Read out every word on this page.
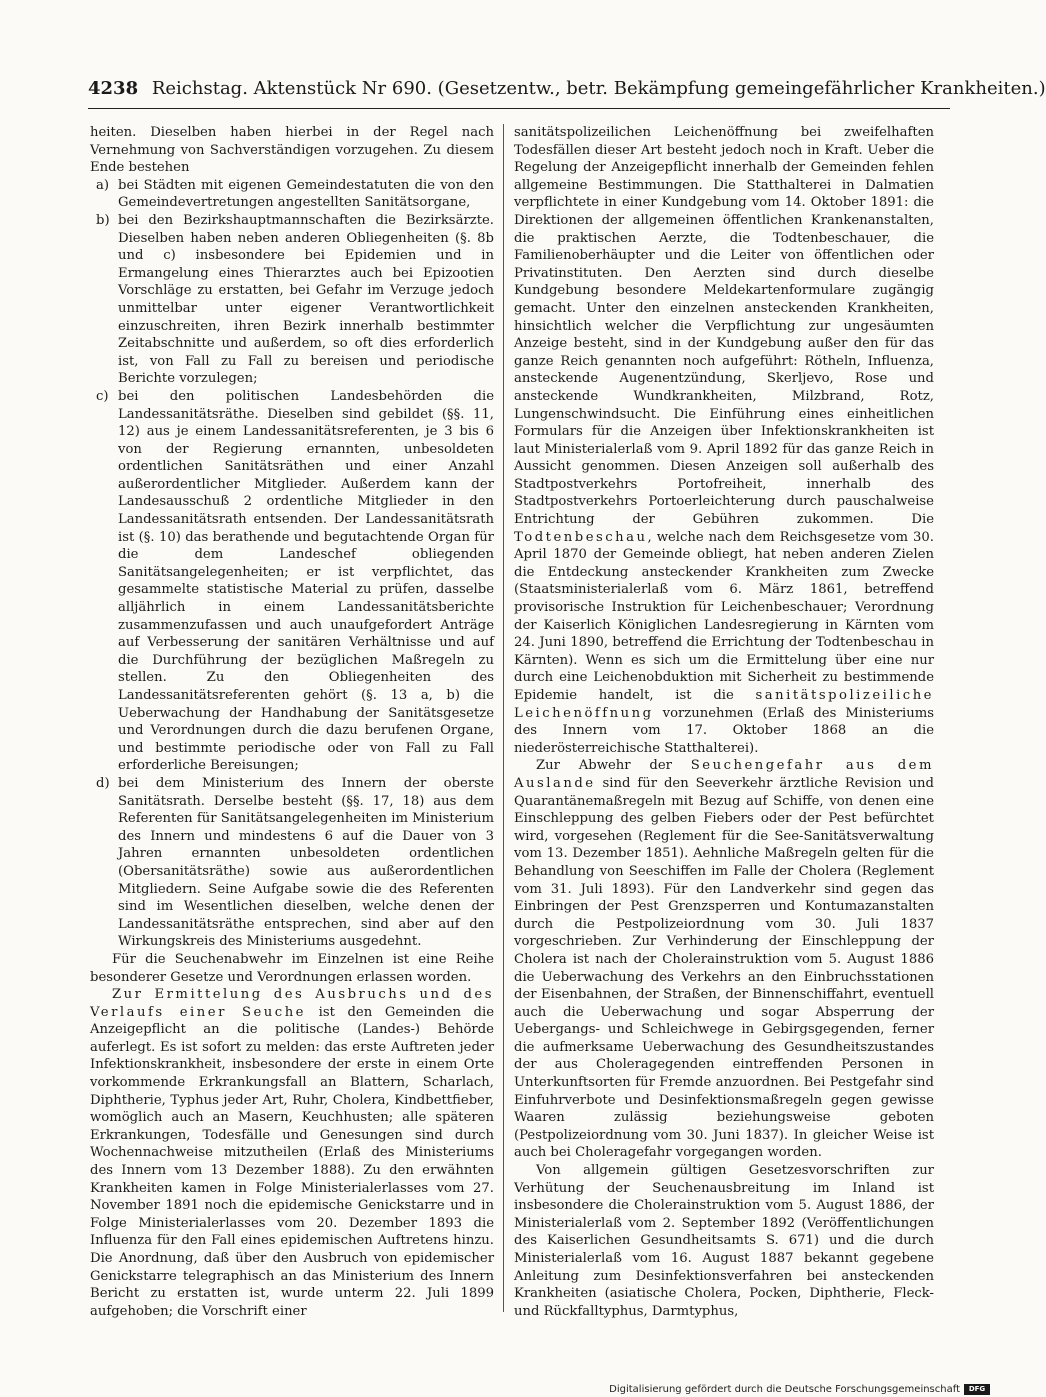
4238 Reichstag. Aktenstück Nr 690. (Gesetzentw., betr. Bekämpfung gemeingefährlicher Krankheiten.)

heiten. Dieselben haben hierbei in der Regel nach Vernehmung von Sachverständigen vorzugehen. Zu diesem Ende bestehen

a) bei Städten mit eigenen Gemeindestatuten die von den Gemeindevertretungen angestellten Sanitätsorgane,
b) bei den Bezirkshauptmannschaften die Bezirksärzte. Dieselben haben neben anderen Obliegenheiten (§. 8b und c) insbesondere bei Epidemien und in Ermangelung eines Thierarztes auch bei Epizootien Vorschläge zu erstatten, bei Gefahr im Verzuge jedoch unmittelbar unter eigener Verantwortlichkeit einzuschreiten, ihren Bezirk innerhalb bestimmter Zeitabschnitte und außerdem, so oft dies erforderlich ist, von Fall zu Fall zu bereisen und periodische Berichte vorzulegen;
c) bei den politischen Landesbehörden die Landessanitätsräthe. Dieselben sind gebildet (§§. 11, 12) aus je einem Landessanitätsreferenten, je 3 bis 6 von der Regierung ernannten, unbesoldeten ordentlichen Sanitätsräthen und einer Anzahl außerordentlicher Mitglieder. Außerdem kann der Landesausschuß 2 ordentliche Mitglieder in den Landessanitätsrath entsenden. Der Landessanitätsrath ist (§. 10) das berathende und begutachtende Organ für die dem Landeschef obliegenden Sanitätsangelegenheiten; er ist verpflichtet, das gesammelte statistische Material zu prüfen, dasselbe alljährlich in einem Landessanitätsberichte zusammenzufassen und auch unaufgefordert Anträge auf Verbesserung der sanitären Verhältnisse und auf die Durchführung der bezüglichen Maßregeln zu stellen. Zu den Obliegenheiten des Landessanitätsreferenten gehört (§. 13 a, b) die Ueberwachung der Handhabung der Sanitätsgesetze und Verordnungen durch die dazu berufenen Organe, und bestimmte periodische oder von Fall zu Fall erforderliche Bereisungen;
d) bei dem Ministerium des Innern der oberste Sanitätsrath. Derselbe besteht (§§. 17, 18) aus dem Referenten für Sanitätsangelegenheiten im Ministerium des Innern und mindestens 6 auf die Dauer von 3 Jahren ernannten unbesoldeten ordentlichen (Obersanitätsräthe) sowie aus außerordentlichen Mitgliedern. Seine Aufgabe sowie die des Referenten sind im Wesentlichen dieselben, welche denen der Landessanitätsräthe entsprechen, sind aber auf den Wirkungskreis des Ministeriums ausgedehnt.

Für die Seuchenabwehr im Einzelnen ist eine Reihe besonderer Gesetze und Verordnungen erlassen worden.

Zur Ermittelung des Ausbruchs und des Verlaufs einer Seuche ist den Gemeinden die Anzeigepflicht an die politische (Landes-) Behörde auferlegt. Es ist sofort zu melden: das erste Auftreten jeder Infektionskrankheit, insbesondere der erste in einem Orte vorkommende Erkrankungsfall an Blattern, Scharlach, Diphtherie, Typhus jeder Art, Ruhr, Cholera, Kindbettfieber, womöglich auch an Masern, Keuchhusten; alle späteren Erkrankungen, Todesfälle und Genesungen sind durch Wochennachweise mitzutheilen (Erlaß des Ministeriums des Innern vom 13 Dezember 1888). Zu den erwähnten Krankheiten kamen in Folge Ministerialerlasses vom 27. November 1891 noch die epidemische Genickstarre und in Folge Ministerialerlasses vom 20. Dezember 1893 die Influenza für den Fall eines epidemischen Auftretens hinzu. Die Anordnung, daß über den Ausbruch von epidemischer Genickstarre telegraphisch an das Ministerium des Innern Bericht zu erstatten ist, wurde unterm 22. Juli 1899 aufgehoben; die Vorschrift einer

sanitätspolizeilichen Leichenöffnung bei zweifelhaften Todesfällen dieser Art besteht jedoch noch in Kraft. Ueber die Regelung der Anzeigepflicht innerhalb der Gemeinden fehlen allgemeine Bestimmungen. Die Statthalterei in Dalmatien verpflichtete in einer Kundgebung vom 14. Oktober 1891: die Direktionen der allgemeinen öffentlichen Krankenanstalten, die praktischen Aerzte, die Todtenbeschauer, die Familienoberhäupter und die Leiter von öffentlichen oder Privatinstituten. Den Aerzten sind durch dieselbe Kundgebung besondere Meldekartenformulare zugängig gemacht. Unter den einzelnen ansteckenden Krankheiten, hinsichtlich welcher die Verpflichtung zur ungesäumten Anzeige besteht, sind in der Kundgebung außer den für das ganze Reich genannten noch aufgeführt: Rötheln, Influenza, ansteckende Augenentzündung, Skerljevo, Rose und ansteckende Wundkrankheiten, Milzbrand, Rotz, Lungenschwindsucht. Die Einführung eines einheitlichen Formulars für die Anzeigen über Infektionskrankheiten ist laut Ministerialerlaß vom 9. April 1892 für das ganze Reich in Aussicht genommen. Diesen Anzeigen soll außerhalb des Stadtpostverkehrs Portofreiheit, innerhalb des Stadtpostverkehrs Portoerleichterung durch pauschalweise Entrichtung der Gebühren zukommen. Die Todtenbeschau, welche nach dem Reichsgesetze vom 30. April 1870 der Gemeinde obliegt, hat neben anderen Zielen die Entdeckung ansteckender Krankheiten zum Zwecke (Staatsministerialerlaß vom 6. März 1861, betreffend provisorische Instruktion für Leichenbeschauer; Verordnung der Kaiserlich Königlichen Landesregierung in Kärnten vom 24. Juni 1890, betreffend die Errichtung der Todtenbeschau in Kärnten). Wenn es sich um die Ermittelung über eine nur durch eine Leichenobduktion mit Sicherheit zu bestimmende Epidemie handelt, ist die sanitätspolizeiliche Leichenöffnung vorzunehmen (Erlaß des Ministeriums des Innern vom 17. Oktober 1868 an die niederösterreichische Statthalterei).

Zur Abwehr der Seuchengefahr aus dem Auslande sind für den Seeverkehr ärztliche Revision und Quarantänemaßregeln mit Bezug auf Schiffe, von denen eine Einschleppung des gelben Fiebers oder der Pest befürchtet wird, vorgesehen (Reglement für die See-Sanitätsverwaltung vom 13. Dezember 1851). Aehnliche Maßregeln gelten für die Behandlung von Seeschiffen im Falle der Cholera (Reglement vom 31. Juli 1893). Für den Landverkehr sind gegen das Einbringen der Pest Grenzsperren und Kontumazanstalten durch die Pestpolizeiordnung vom 30. Juli 1837 vorgeschrieben. Zur Verhinderung der Einschleppung der Cholera ist nach der Cholerainstruktion vom 5. August 1886 die Ueberwachung des Verkehrs an den Einbruchsstationen der Eisenbahnen, der Straßen, der Binnenschiffahrt, eventuell auch die Ueberwachung und sogar Absperrung der Uebergangs- und Schleichwege in Gebirgsgegenden, ferner die aufmerksame Ueberwachung des Gesundheitszustandes der aus Choleragegenden eintreffenden Personen in Unterkunftsorten für Fremde anzuordnen. Bei Pestgefahr sind Einfuhrverbote und Desinfektionsmaßregeln gegen gewisse Waaren zulässig beziehungsweise geboten (Pestpolizeiordnung vom 30. Juni 1837). In gleicher Weise ist auch bei Choleragefahr vorgegangen worden.

Von allgemein gültigen Gesetzesvorschriften zur Verhütung der Seuchenausbreitung im Inland ist insbesondere die Cholerainstruktion vom 5. August 1886, der Ministerialerlaß vom 2. September 1892 (Veröffentlichungen des Kaiserlichen Gesundheitsamts S. 671) und die durch Ministerialerlaß vom 16. August 1887 bekannt gegebene Anleitung zum Desinfektionsverfahren bei ansteckenden Krankheiten (asiatische Cholera, Pocken, Diphtherie, Fleck- und Rückfalltyphus, Darmtyphus,

Digitalisierung gefördert durch die Deutsche Forschungsgemeinschaft	DFG
